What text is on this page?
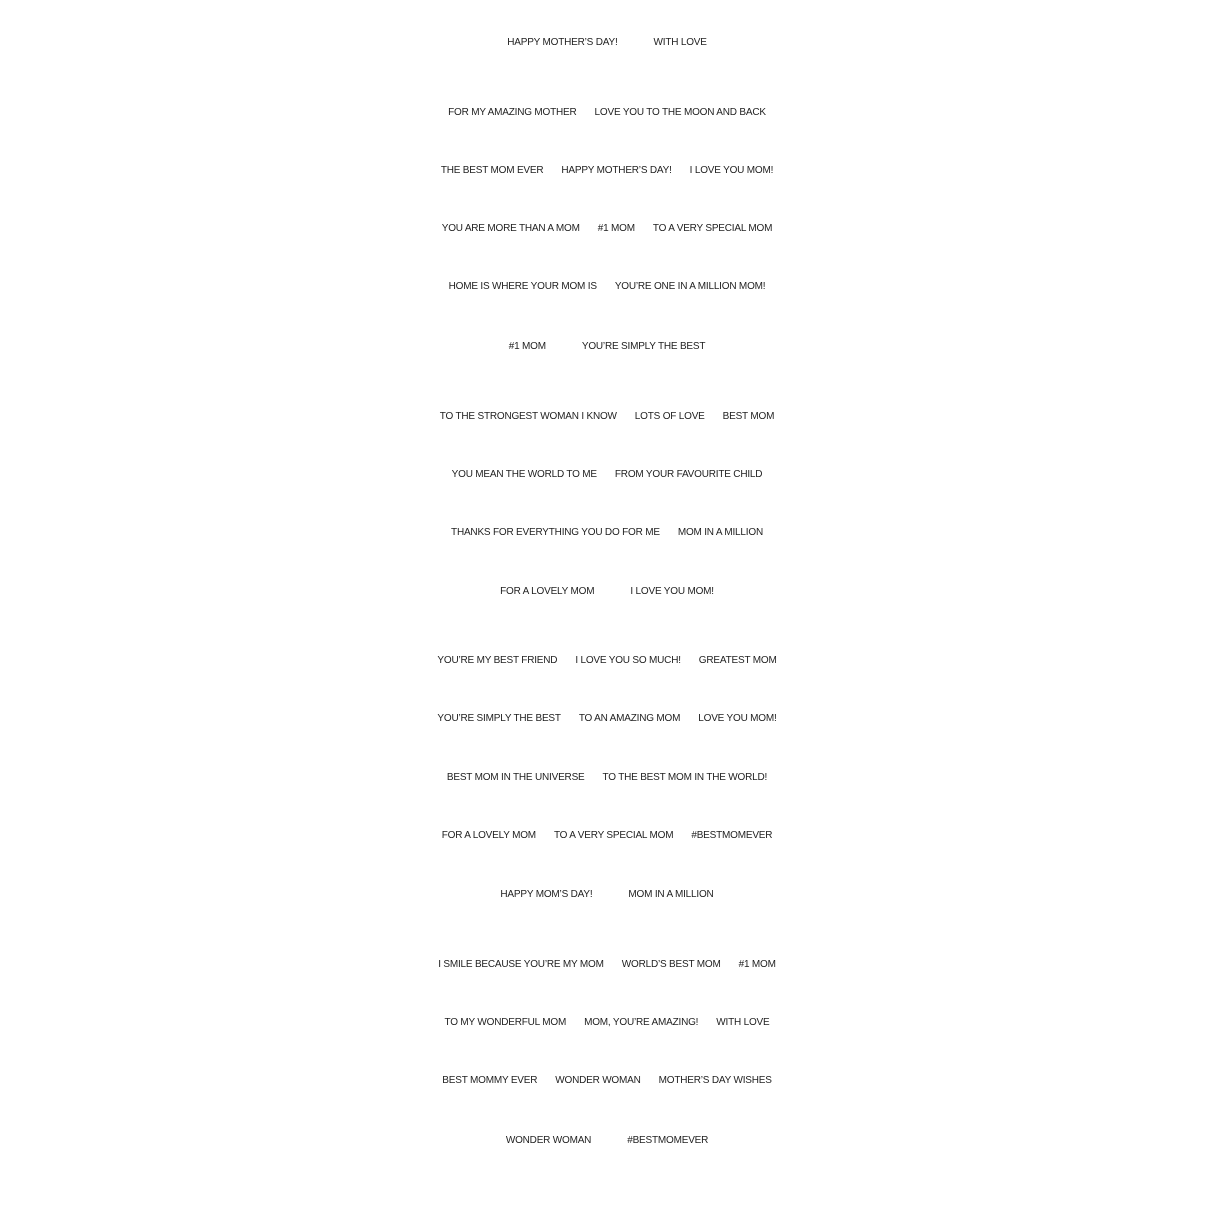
HAPPY MOTHER’S DAY!	WITH LOVE
FOR MY AMAZING MOTHER LOVE YOU TO THE MOON AND BACK
THE BEST MOM EVER HAPPY MOTHER’S DAY! I LOVE YOU MOM!
YOU ARE MORE THAN A MOM #1 MOM TO A VERY SPECIAL MOM
HOME IS WHERE YOUR MOM IS YOU’RE ONE IN A MILLION MOM!
#1 MOM	YOU’RE SIMPLY THE BEST
TO THE STRONGEST WOMAN I KNOW LOTS OF LOVE BEST MOM
YOU MEAN THE WORLD TO ME FROM YOUR FAVOURITE CHILD
THANKS FOR EVERYTHING YOU DO FOR ME MOM IN A MILLION
FOR A LOVELY MOM	I LOVE YOU MOM!
YOU’RE MY BEST FRIEND I LOVE YOU SO MUCH! GREATEST MOM
YOU’RE SIMPLY THE BEST TO AN AMAZING MOM LOVE YOU MOM!
BEST MOM IN THE UNIVERSE TO THE BEST MOM IN THE WORLD!
FOR A LOVELY MOM TO A VERY SPECIAL MOM #BESTMOMEVER
HAPPY MOM’S DAY!	MOM IN A MILLION
I SMILE BECAUSE YOU’RE MY MOM WORLD’S BEST MOM #1 MOM
TO MY WONDERFUL MOM MOM, YOU’RE AMAZING! WITH LOVE
BEST MOMMY EVER WONDER WOMAN MOTHER’S DAY WISHES
WONDER WOMAN	#BESTMOMEVER
